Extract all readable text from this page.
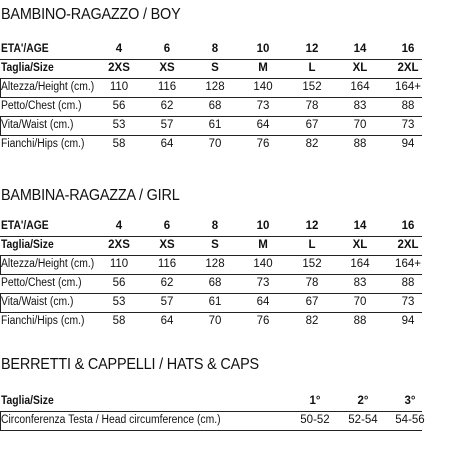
BAMBINO-RAGAZZO / BOY
ETA'/AGE	4	6	8	10	12	14	16
Taglia/Size	2XS	XS	S	M	L	XL	2XL
Altezza/Height (cm.)	110	116	128	140	152	164	164+
Petto/Chest (cm.)	56	62	68	73	78	83	88
Vita/Waist (cm.)	53	57	61	64	67	70	73
Fianchi/Hips (cm.)	58	64	70	76	82	88	94
BAMBINA-RAGAZZA / GIRL
ETA'/AGE	4	6	8	10	12	14	16
Taglia/Size	2XS	XS	S	M	L	XL	2XL
Altezza/Height (cm.)	110	116	128	140	152	164	164+
Petto/Chest (cm.)	56	62	68	73	78	83	88
Vita/Waist (cm.)	53	57	61	64	67	70	73
Fianchi/Hips (cm.)	58	64	70	76	82	88	94
BERRETTI & CAPPELLI / HATS & CAPS
Taglia/Size	1°	2°	3°
Circonferenza Testa / Head circumference (cm.)	50-52	52-54	54-56
